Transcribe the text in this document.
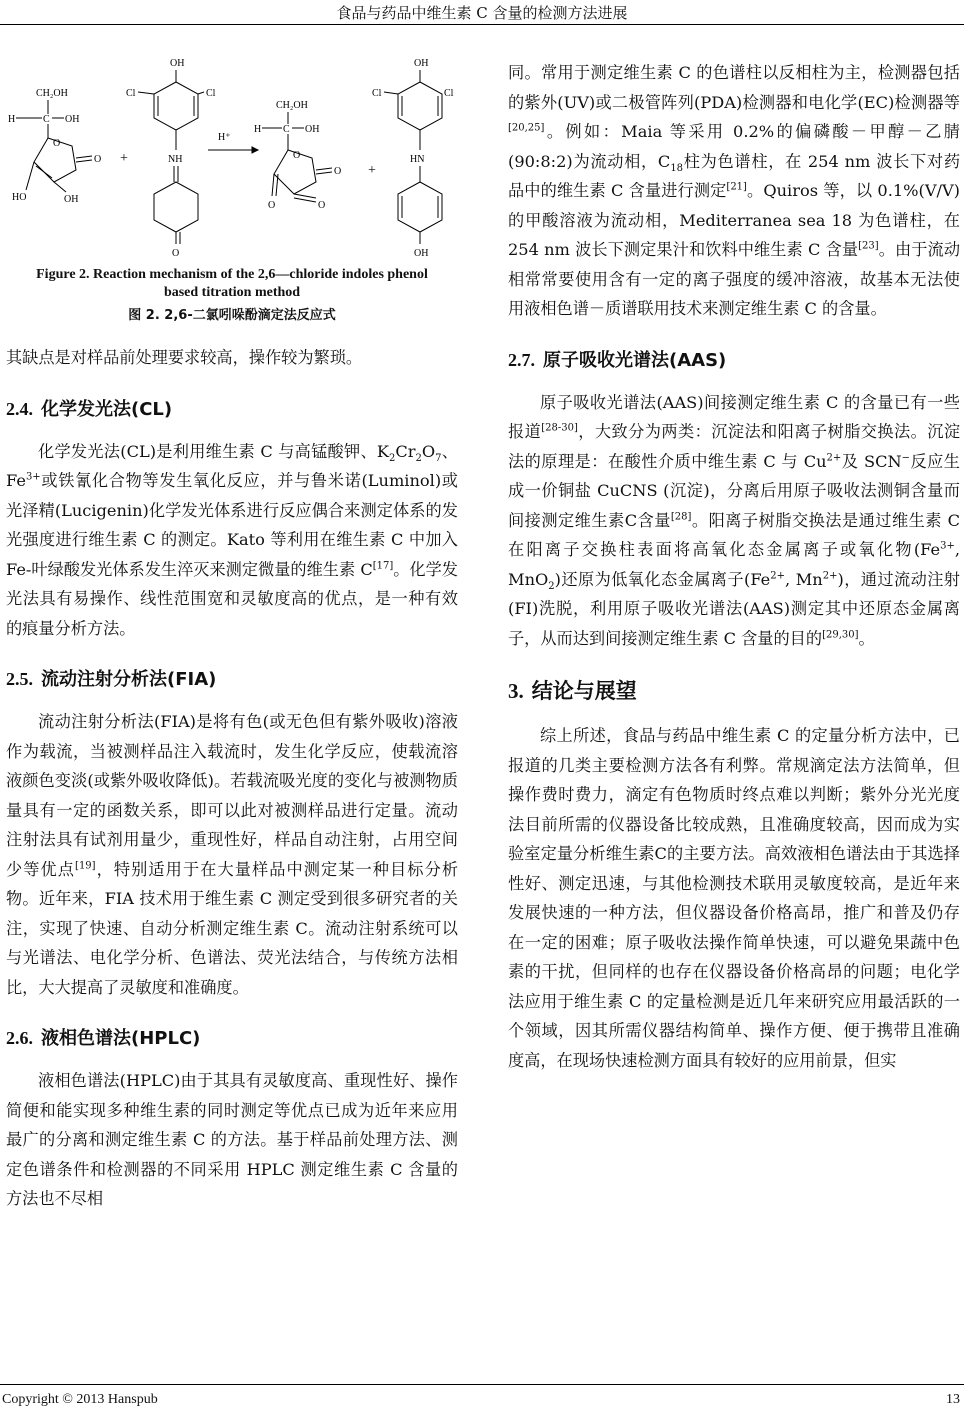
食品与药品中维生素 C 含量的检测方法进展
CH₂OH
H	C OH
O
O
HO	OH
+
OH
Cl	Cl
NH
O
H⁺
CH₂OH
H C OH
O
O
O	O
+
OH
Cl	Cl
HN
OH
Figure 2. Reaction mechanism of the 2,6—chloride indoles phenol
based titration method
图 2. 2,6-二氯吲哚酚滴定法反应式

其缺点是对样品前处理要求较高，操作较为繁琐。

2.4. 化学发光法(CL)

化学发光法(CL)是利用维生素 C 与高锰酸钾、$K_2Cr_2O_7$、$Fe^{3+}$或铁氰化合物等发生氧化反应，并与鲁米诺(Luminol)或光泽精(Lucigenin)化学发光体系进行反应偶合来测定体系的发光强度进行维生素 C 的测定。Kato 等利用在维生素 C 中加入 Fe-叶绿酸发光体系发生淬灭来测定微量的维生素 C[17]。化学发光法具有易操作、线性范围宽和灵敏度高的优点，是一种有效的痕量分析方法。

2.5. 流动注射分析法(FIA)

流动注射分析法(FIA)是将有色(或无色但有紫外吸收)溶液作为载流，当被测样品注入载流时，发生化学反应，使载流溶液颜色变淡(或紫外吸收降低)。若载流吸光度的变化与被测物质量具有一定的函数关系，即可以此对被测样品进行定量。流动注射法具有试剂用量少，重现性好，样品自动注射，占用空间少等优点[19]，特别适用于在大量样品中测定某一种目标分析物。近年来，FIA 技术用于维生素 C 测定受到很多研究者的关注，实现了快速、自动分析测定维生素 C。流动注射系统可以与光谱法、电化学分析、色谱法、荧光法结合，与传统方法相比，大大提高了灵敏度和准确度。

2.6. 液相色谱法(HPLC)

液相色谱法(HPLC)由于其具有灵敏度高、重现性好、操作简便和能实现多种维生素的同时测定等优点已成为近年来应用最广的分离和测定维生素 C 的方法。基于样品前处理方法、测定色谱条件和检测器的不同采用 HPLC 测定维生素 C 含量的方法也不尽相

同。常用于测定维生素 C 的色谱柱以反相柱为主，检测器包括的紫外(UV)或二极管阵列(PDA)检测器和电化学(EC)检测器等[20,25]。例如：Maia 等采用 0.2%的偏磷酸－甲醇－乙腈 (90:8:2)为流动相，$C_{18}$柱为色谱柱，在 254 nm 波长下对药品中的维生素 C 含量进行测定[21]。Quiros 等，以 0.1%(V/V)的甲酸溶液为流动相，Mediterranea sea 18 为色谱柱，在 254 nm 波长下测定果汁和饮料中维生素 C 含量[23]。由于流动相常常要使用含有一定的离子强度的缓冲溶液，故基本无法使用液相色谱－质谱联用技术来测定维生素 C 的含量。

2.7. 原子吸收光谱法(AAS)

原子吸收光谱法(AAS)间接测定维生素 C 的含量已有一些报道[28-30]，大致分为两类：沉淀法和阳离子树脂交换法。沉淀法的原理是：在酸性介质中维生素 C 与 $Cu^{2+}$及 SCN−反应生成一价铜盐 CuCNS (沉淀)，分离后用原子吸收法测铜含量而间接测定维生素C含量[28]。阳离子树脂交换法是通过维生素 C 在阳离子交换柱表面将高氧化态金属离子或氧化物($Fe^{3+}$, MnO$_2$)还原为低氧化态金属离子($Fe^{2+}$, $Mn^{2+}$)，通过流动注射(FI)洗脱，利用原子吸收光谱法(AAS)测定其中还原态金属离子，从而达到间接测定维生素 C 含量的目的[29,30]。

3. 结论与展望

综上所述，食品与药品中维生素 C 的定量分析方法中，已报道的几类主要检测方法各有利弊。常规滴定法方法简单，但操作费时费力，滴定有色物质时终点难以判断；紫外分光光度法目前所需的仪器设备比较成熟，且准确度较高，因而成为实验室定量分析维生素C的主要方法。高效液相色谱法由于其选择性好、测定迅速，与其他检测技术联用灵敏度较高，是近年来发展快速的一种方法，但仪器设备价格高昂，推广和普及仍存在一定的困难；原子吸收法操作简单快速，可以避免果蔬中色素的干扰，但同样的也存在仪器设备价格高昂的问题；电化学法应用于维生素 C 的定量检测是近几年来研究应用最活跃的一个领域，因其所需仪器结构简单、操作方便、便于携带且准确度高，在现场快速检测方面具有较好的应用前景，但实

Copyright © 2013 Hanspub	13
